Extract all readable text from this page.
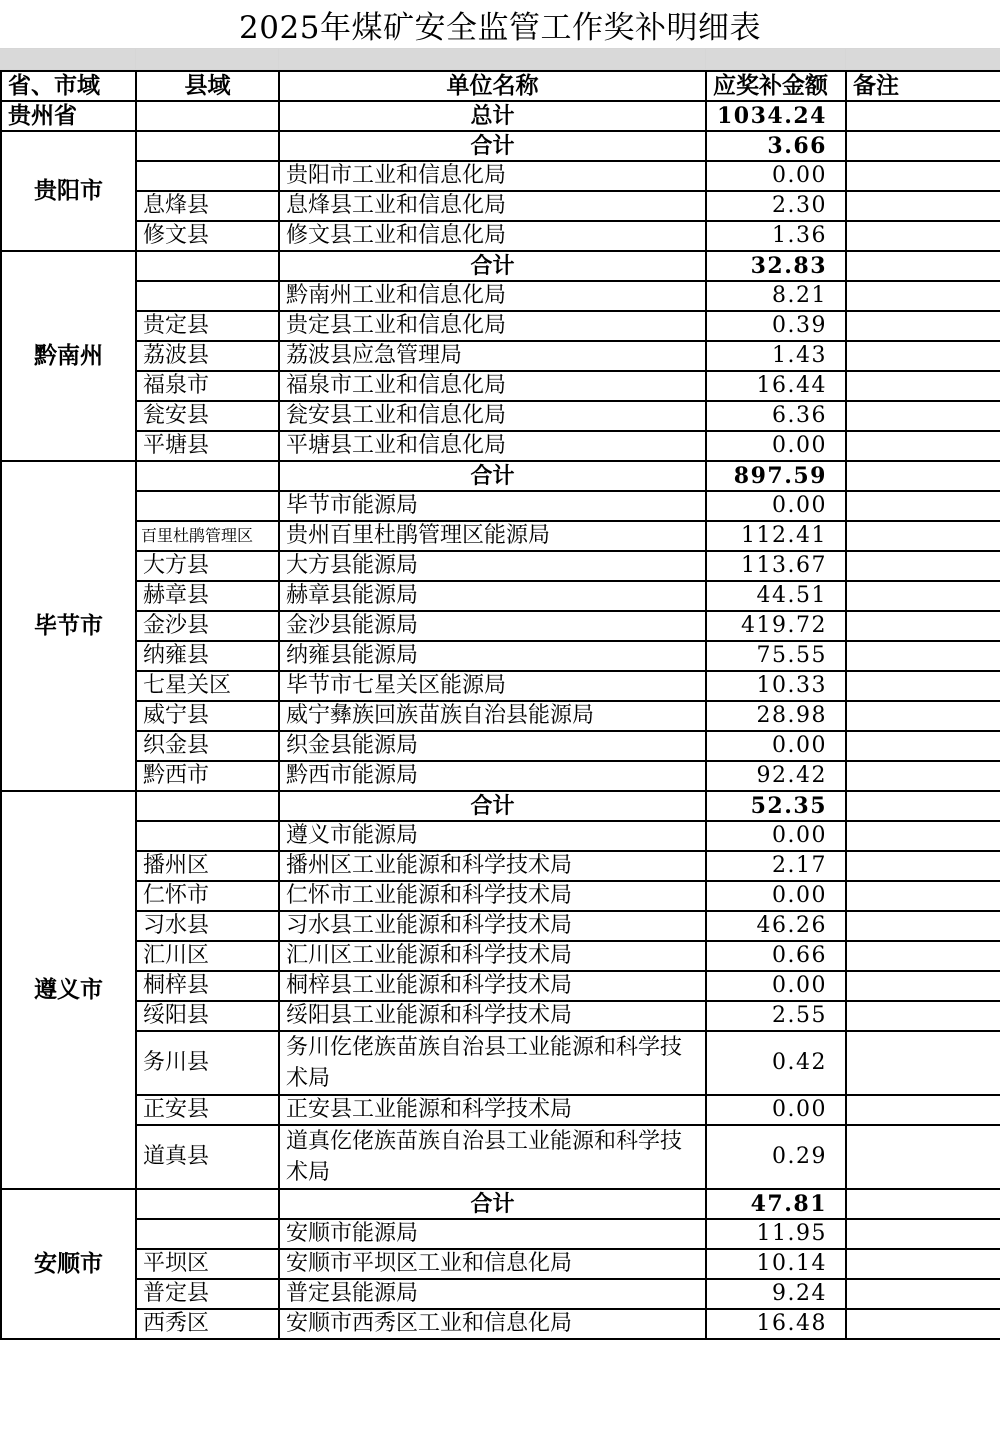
2025年煤矿安全监管工作奖补明细表
省、市域	县域	单位名称	应奖补金额	备注
贵州省		总计	1034.24	
贵阳市		合计	3.66	
		贵阳市工业和信息化局	0.00	
	息烽县	息烽县工业和信息化局	2.30	
	修文县	修文县工业和信息化局	1.36	
黔南州		合计	32.83	
		黔南州工业和信息化局	8.21	
	贵定县	贵定县工业和信息化局	0.39	
	荔波县	荔波县应急管理局	1.43	
	福泉市	福泉市工业和信息化局	16.44	
	瓮安县	瓮安县工业和信息化局	6.36	
	平塘县	平塘县工业和信息化局	0.00	
毕节市		合计	897.59	
		毕节市能源局	0.00	
	百里杜鹃管理区	贵州百里杜鹃管理区能源局	112.41	
	大方县	大方县能源局	113.67	
	赫章县	赫章县能源局	44.51	
	金沙县	金沙县能源局	419.72	
	纳雍县	纳雍县能源局	75.55	
	七星关区	毕节市七星关区能源局	10.33	
	威宁县	威宁彝族回族苗族自治县能源局	28.98	
	织金县	织金县能源局	0.00	
	黔西市	黔西市能源局	92.42	
遵义市		合计	52.35	
		遵义市能源局	0.00	
	播州区	播州区工业能源和科学技术局	2.17	
	仁怀市	仁怀市工业能源和科学技术局	0.00	
	习水县	习水县工业能源和科学技术局	46.26	
	汇川区	汇川区工业能源和科学技术局	0.66	
	桐梓县	桐梓县工业能源和科学技术局	0.00	
	绥阳县	绥阳县工业能源和科学技术局	2.55	
	务川县	务川仡佬族苗族自治县工业能源和科学技术局	0.42	
	正安县	正安县工业能源和科学技术局	0.00	
	道真县	道真仡佬族苗族自治县工业能源和科学技术局	0.29	
安顺市		合计	47.81	
		安顺市能源局	11.95	
	平坝区	安顺市平坝区工业和信息化局	10.14	
	普定县	普定县能源局	9.24	
	西秀区	安顺市西秀区工业和信息化局	16.48	
